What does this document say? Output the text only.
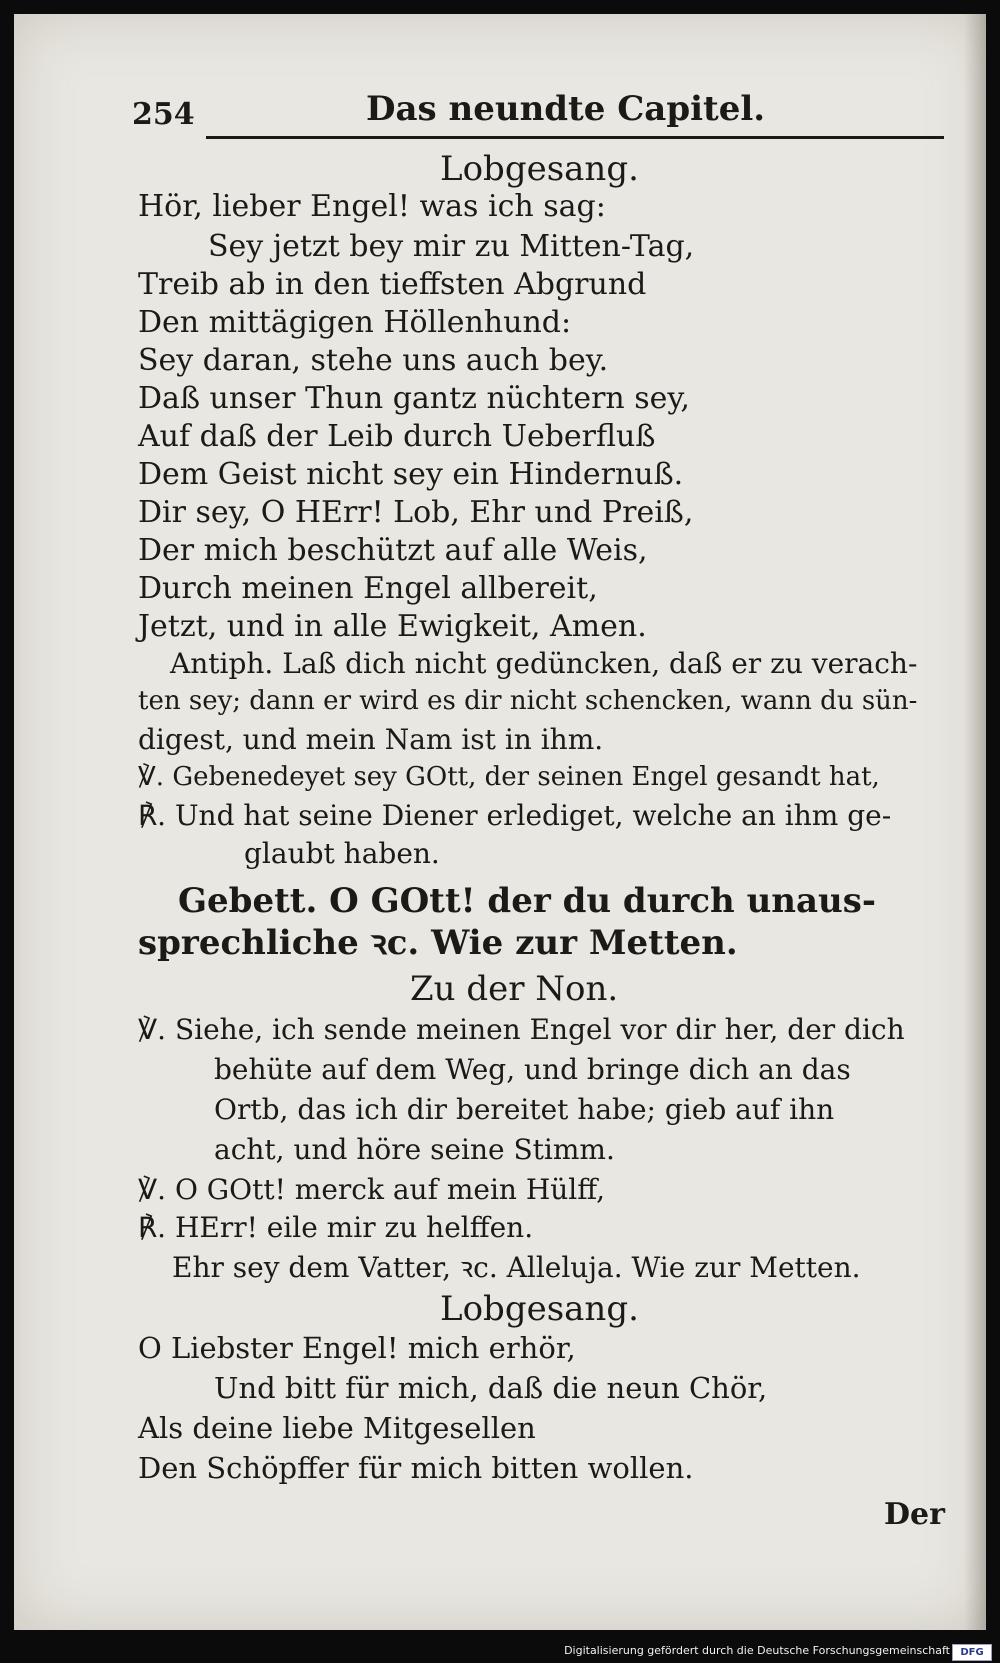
254	Das neundte Capitel.
Lobgesang.
Hör, lieber Engel! was ich sag:
Sey jetzt bey mir zu Mitten-Tag,
Treib ab in den tieffsten Abgrund
Den mittägigen Höllenhund:
Sey daran, stehe uns auch bey.
Daß unser Thun gantz nüchtern sey,
Auf daß der Leib durch Ueberfluß
Dem Geist nicht sey ein Hindernuß.
Dir sey, O HErr! Lob, Ehr und Preiß,
Der mich beschützt auf alle Weis,
Durch meinen Engel allbereit,
Jetzt, und in alle Ewigkeit, Amen.
Antiph. Laß dich nicht gedüncken, daß er zu verach-
ten sey; dann er wird es dir nicht schencken, wann du sün-
digest, und mein Nam ist in ihm.
℣. Gebenedeyet sey GOtt, der seinen Engel gesandt hat,
℟. Und hat seine Diener erlediget, welche an ihm ge-
glaubt haben.
Gebett. O GOtt! der du durch unaus-
sprechliche ꝛc. Wie zur Metten.
Zu der Non.
℣. Siehe, ich sende meinen Engel vor dir her, der dich
behüte auf dem Weg, und bringe dich an das
Ortb, das ich dir bereitet habe; gieb auf ihn
acht, und höre seine Stimm.
℣. O GOtt! merck auf mein Hülff,
℟. HErr! eile mir zu helffen.
Ehr sey dem Vatter, ꝛc. Alleluja. Wie zur Metten.
Lobgesang.
O Liebster Engel! mich erhör,
Und bitt für mich, daß die neun Chör,
Als deine liebe Mitgesellen
Den Schöpffer für mich bitten wollen.
Der
Digitalisierung gefördert durch die Deutsche Forschungsgemeinschaft	DFG
